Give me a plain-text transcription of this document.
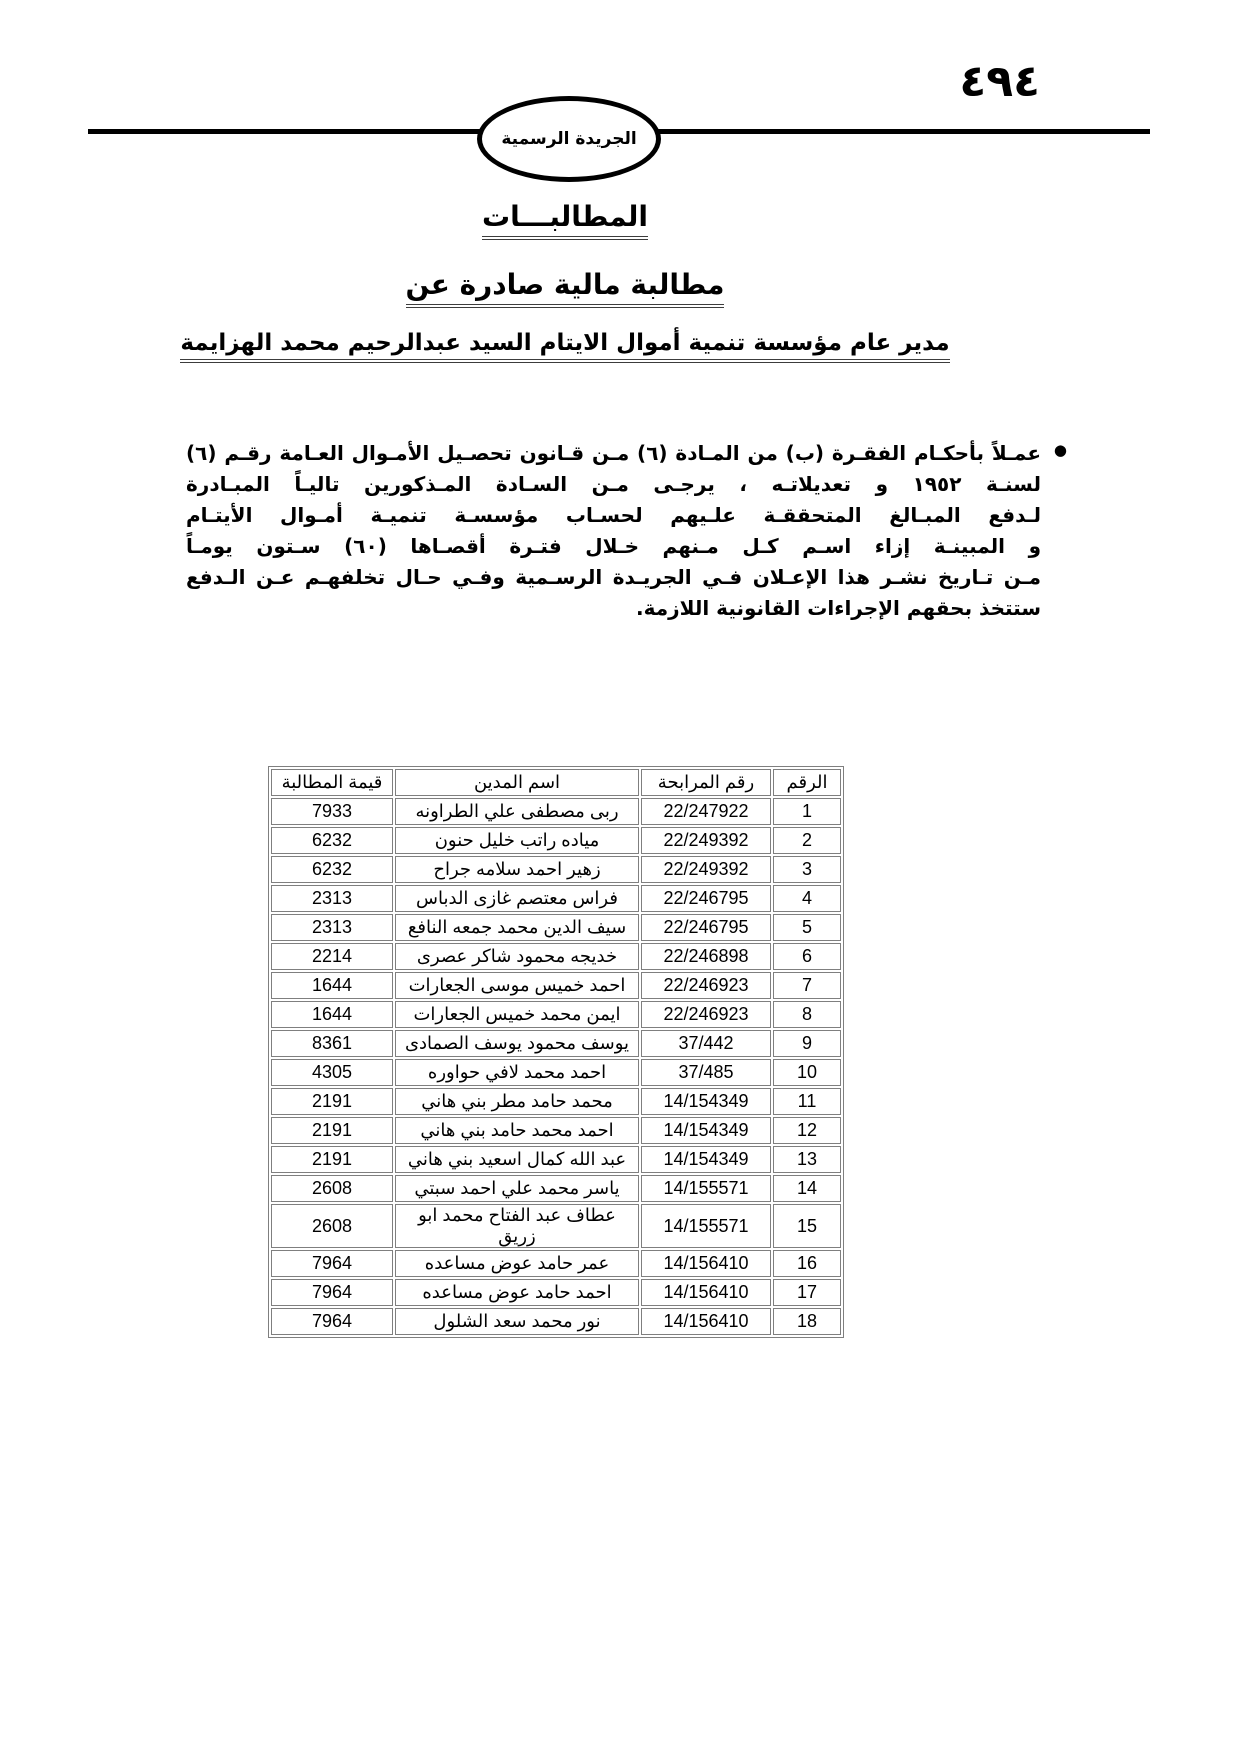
٤٩٤
الجريدة الرسمية
المطالبـــات
مطالبة مالية صادرة عن
مدير عام مؤسسة تنمية أموال الايتام السيد عبدالرحيم محمد الهزايمة
●
عمـلاً بأحكـام الفقـرة (ب) من المـادة (٦) مـن قـانون تحصـيل الأمـوال العـامة رقـم (٦)
لسنـة ١٩٥٢ و تعديلاتـه ، يرجـى مـن السـادة المـذكورين تاليـاً المبـادرة
لـدفع المبـالغ المتحققـة علـيهم لحسـاب مؤسسـة تنميـة أمـوال الأيتـام
و المبينـة إزاء اسـم كـل مـنهم خـلال فتـرة أقصـاها (٦٠) سـتون يومـاً
مـن تـاريخ نشـر هذا الإعـلان فـي الجريـدة الرسـمية وفـي حـال تخلفهـم عـن الـدفع
ستتخذ بحقهم الإجراءات القانونية اللازمة.
الرقم	رقم المرابحة	اسم المدين	قيمة المطالبة
1	22/247922	ربى مصطفى علي الطراونه	7933
2	22/249392	مياده راتب خليل حنون	6232
3	22/249392	زهير احمد سلامه جراح	6232
4	22/246795	فراس معتصم غازى الدباس	2313
5	22/246795	سيف الدين محمد جمعه النافع	2313
6	22/246898	خديجه محمود شاكر عصرى	2214
7	22/246923	احمد خميس موسى الجعارات	1644
8	22/246923	ايمن محمد خميس الجعارات	1644
9	37/442	يوسف محمود يوسف الصمادى	8361
10	37/485	احمد محمد لافي حواوره	4305
11	14/154349	محمد حامد مطر بني هاني	2191
12	14/154349	احمد محمد حامد بني هاني	2191
13	14/154349	عبد الله كمال اسعيد بني هاني	2191
14	14/155571	ياسر محمد علي احمد سبتي	2608
15	14/155571	عطاف عبد الفتاح محمد ابو زريق	2608
16	14/156410	عمر حامد عوض مساعده	7964
17	14/156410	احمد حامد عوض مساعده	7964
18	14/156410	نور محمد سعد الشلول	7964
